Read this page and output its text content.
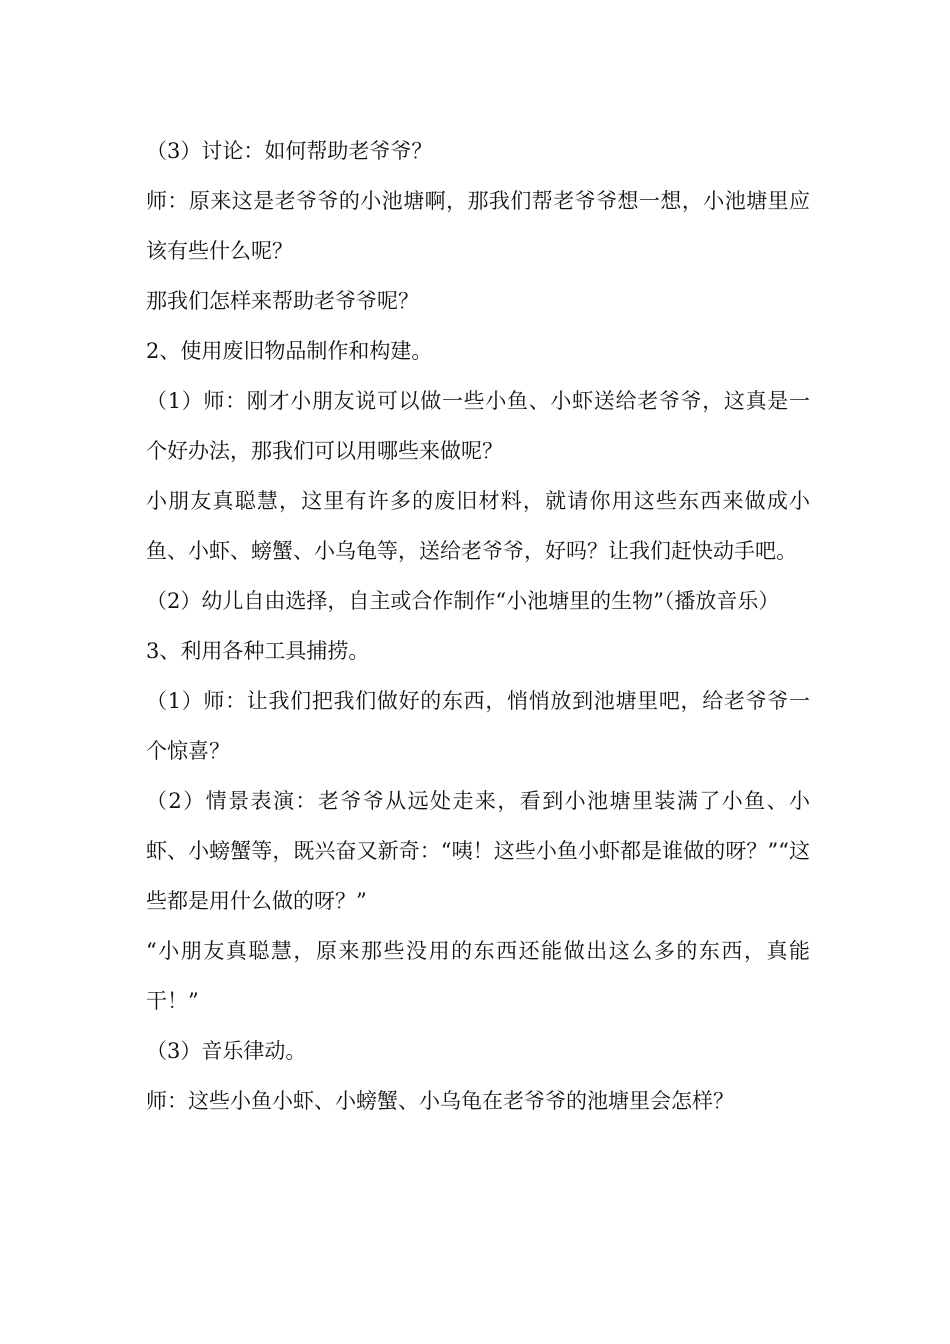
（3）讨论：如何帮助老爷爷？

师：原来这是老爷爷的小池塘啊，那我们帮老爷爷想一想，小池塘里应该有些什么呢？

那我们怎样来帮助老爷爷呢？

2、使用废旧物品制作和构建。

（1）师：刚才小朋友说可以做一些小鱼、小虾送给老爷爷，这真是一个好办法，那我们可以用哪些来做呢？

小朋友真聪慧，这里有许多的废旧材料，就请你用这些东西来做成小鱼、小虾、螃蟹、小乌龟等，送给老爷爷，好吗？让我们赶快动手吧。

（2）幼儿自由选择，自主或合作制作“小池塘里的生物”（播放音乐）

3、利用各种工具捕捞。

（1）师：让我们把我们做好的东西，悄悄放到池塘里吧，给老爷爷一个惊喜？

（2）情景表演：老爷爷从远处走来，看到小池塘里装满了小鱼、小虾、小螃蟹等，既兴奋又新奇：“咦！这些小鱼小虾都是谁做的呀？”“这些都是用什么做的呀？”

“小朋友真聪慧，原来那些没用的东西还能做出这么多的东西，真能干！”

（3）音乐律动。

师：这些小鱼小虾、小螃蟹、小乌龟在老爷爷的池塘里会怎样？
